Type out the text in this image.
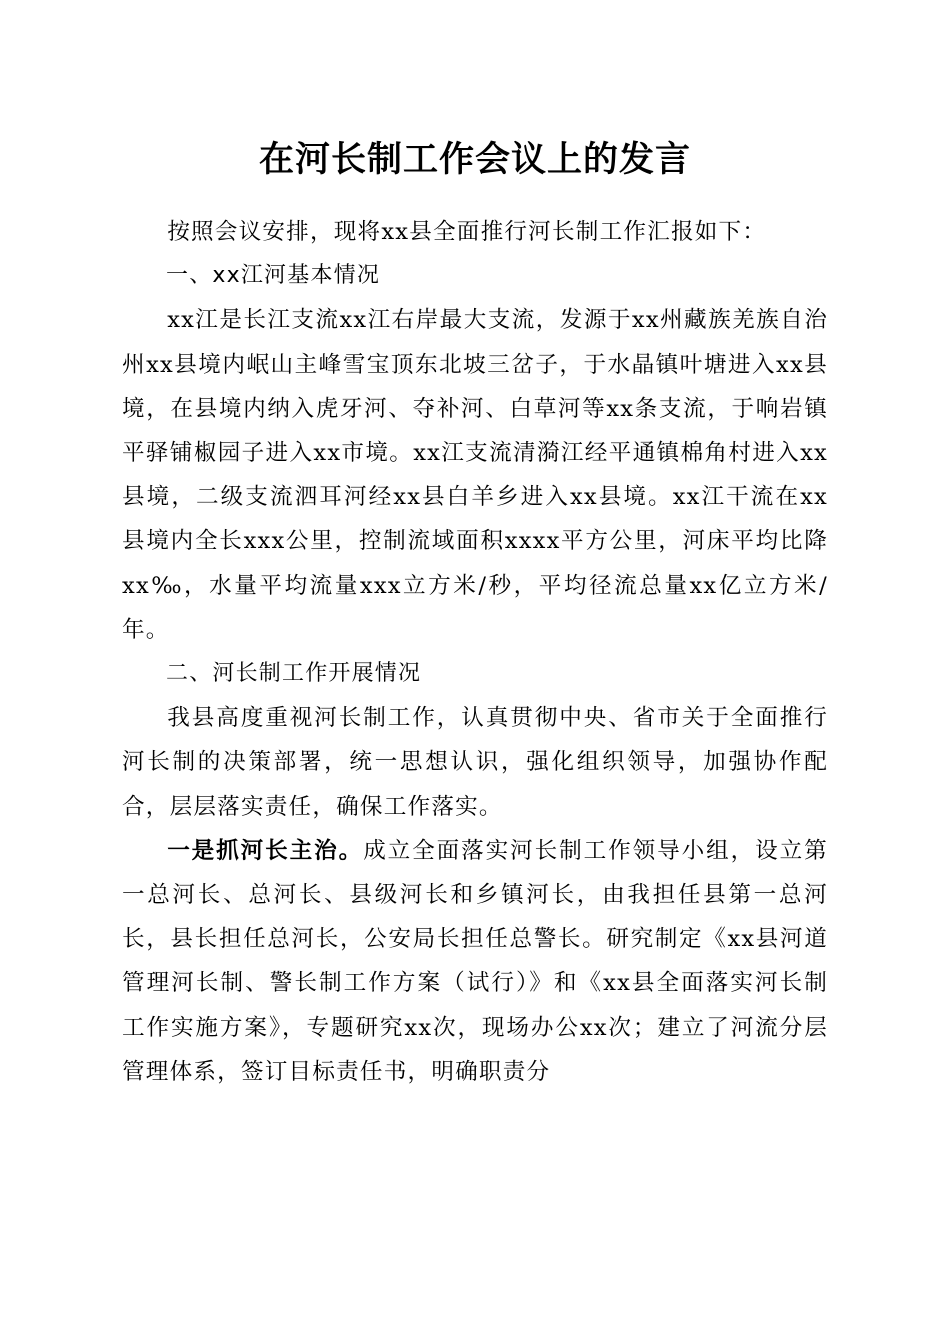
在河长制工作会议上的发言

按照会议安排，现将xx县全面推行河长制工作汇报如下：

一、xx江河基本情况

xx江是长江支流xx江右岸最大支流，发源于xx州藏族羌族自治州xx县境内岷山主峰雪宝顶东北坡三岔子，于水晶镇叶塘进入xx县境，在县境内纳入虎牙河、夺补河、白草河等xx条支流，于响岩镇平驿铺椒园子进入xx市境。xx江支流清漪江经平通镇棉角村进入xx县境，二级支流泗耳河经xx县白羊乡进入xx县境。xx江干流在xx县境内全长xxx公里，控制流域面积xxxx平方公里，河床平均比降xx‰，水量平均流量xxx立方米/秒，平均径流总量xx亿立方米/年。

二、河长制工作开展情况

我县高度重视河长制工作，认真贯彻中央、省市关于全面推行河长制的决策部署，统一思想认识，强化组织领导，加强协作配合，层层落实责任，确保工作落实。

一是抓河长主治。成立全面落实河长制工作领导小组，设立第一总河长、总河长、县级河长和乡镇河长，由我担任县第一总河长，县长担任总河长，公安局长担任总警长。研究制定《xx县河道管理河长制、警长制工作方案（试行）》和《xx县全面落实河长制工作实施方案》，专题研究xx次，现场办公xx次；建立了河流分层管理体系，签订目标责任书，明确职责分
